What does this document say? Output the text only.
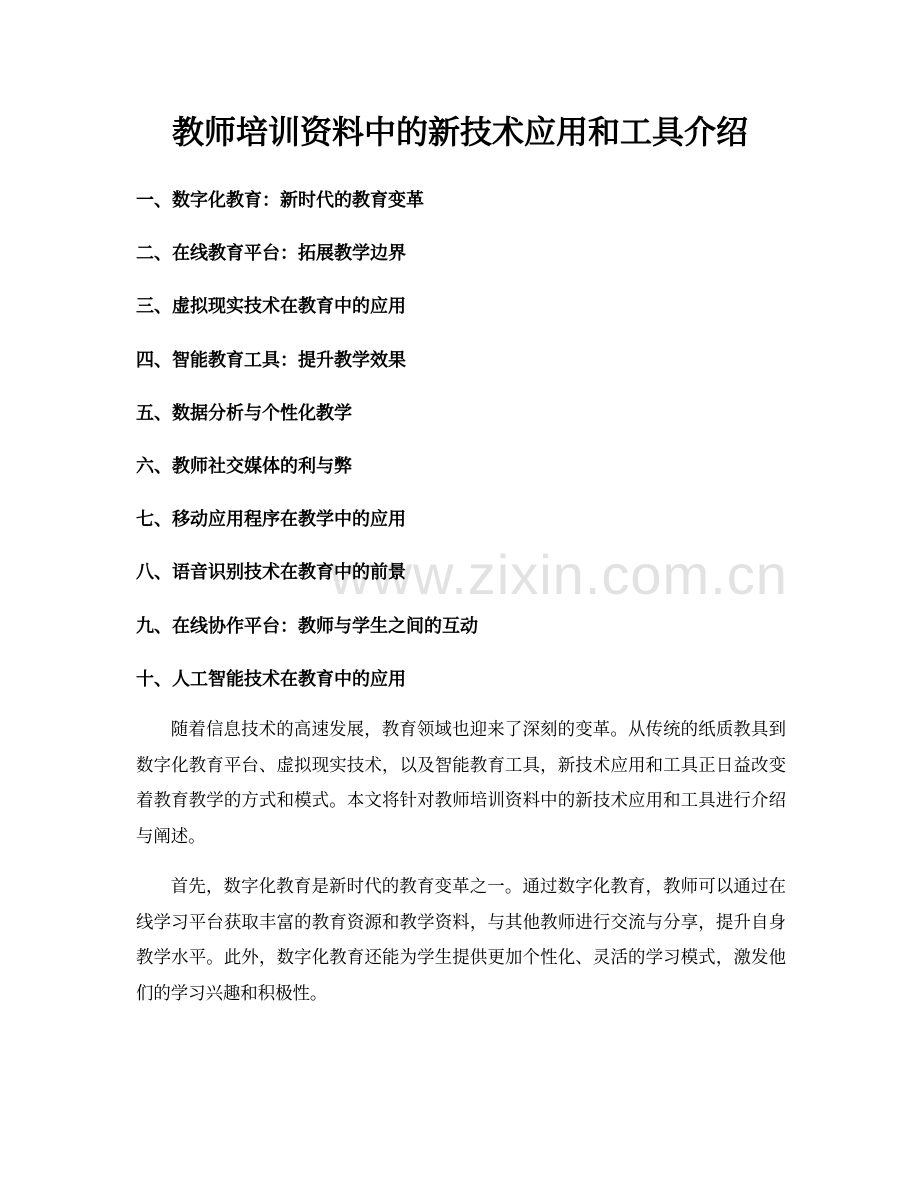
www.zixin.com.cn
教师培训资料中的新技术应用和工具介绍
一、数字化教育：新时代的教育变革
二、在线教育平台：拓展教学边界
三、虚拟现实技术在教育中的应用
四、智能教育工具：提升教学效果
五、数据分析与个性化教学
六、教师社交媒体的利与弊
七、移动应用程序在教学中的应用
八、语音识别技术在教育中的前景
九、在线协作平台：教师与学生之间的互动
十、人工智能技术在教育中的应用

随着信息技术的高速发展，教育领域也迎来了深刻的变革。从传统的纸质教具到数字化教育平台、虚拟现实技术，以及智能教育工具，新技术应用和工具正日益改变着教育教学的方式和模式。本文将针对教师培训资料中的新技术应用和工具进行介绍与阐述。

首先，数字化教育是新时代的教育变革之一。通过数字化教育，教师可以通过在线学习平台获取丰富的教育资源和教学资料，与其他教师进行交流与分享，提升自身教学水平。此外，数字化教育还能为学生提供更加个性化、灵活的学习模式，激发他们的学习兴趣和积极性。
